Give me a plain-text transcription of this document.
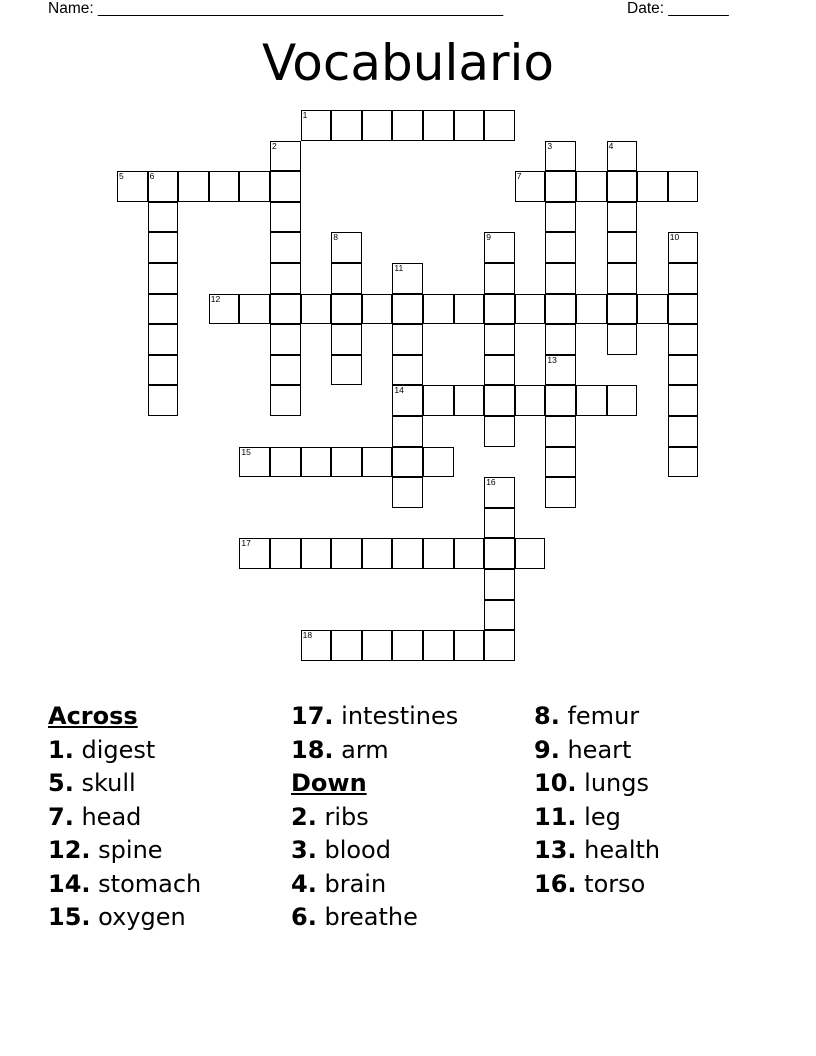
Name: _______________________________________________	Date: _______
Vocabulario
1
5	6	7
12
14
15
17
18
2	3	4
8	9	10
11
13
16
Across
1. digest
5. skull
7. head
12. spine
14. stomach
15. oxygen
17. intestines
18. arm
Down
2. ribs
3. blood
4. brain
6. breathe
8. femur
9. heart
10. lungs
11. leg
13. health
16. torso
